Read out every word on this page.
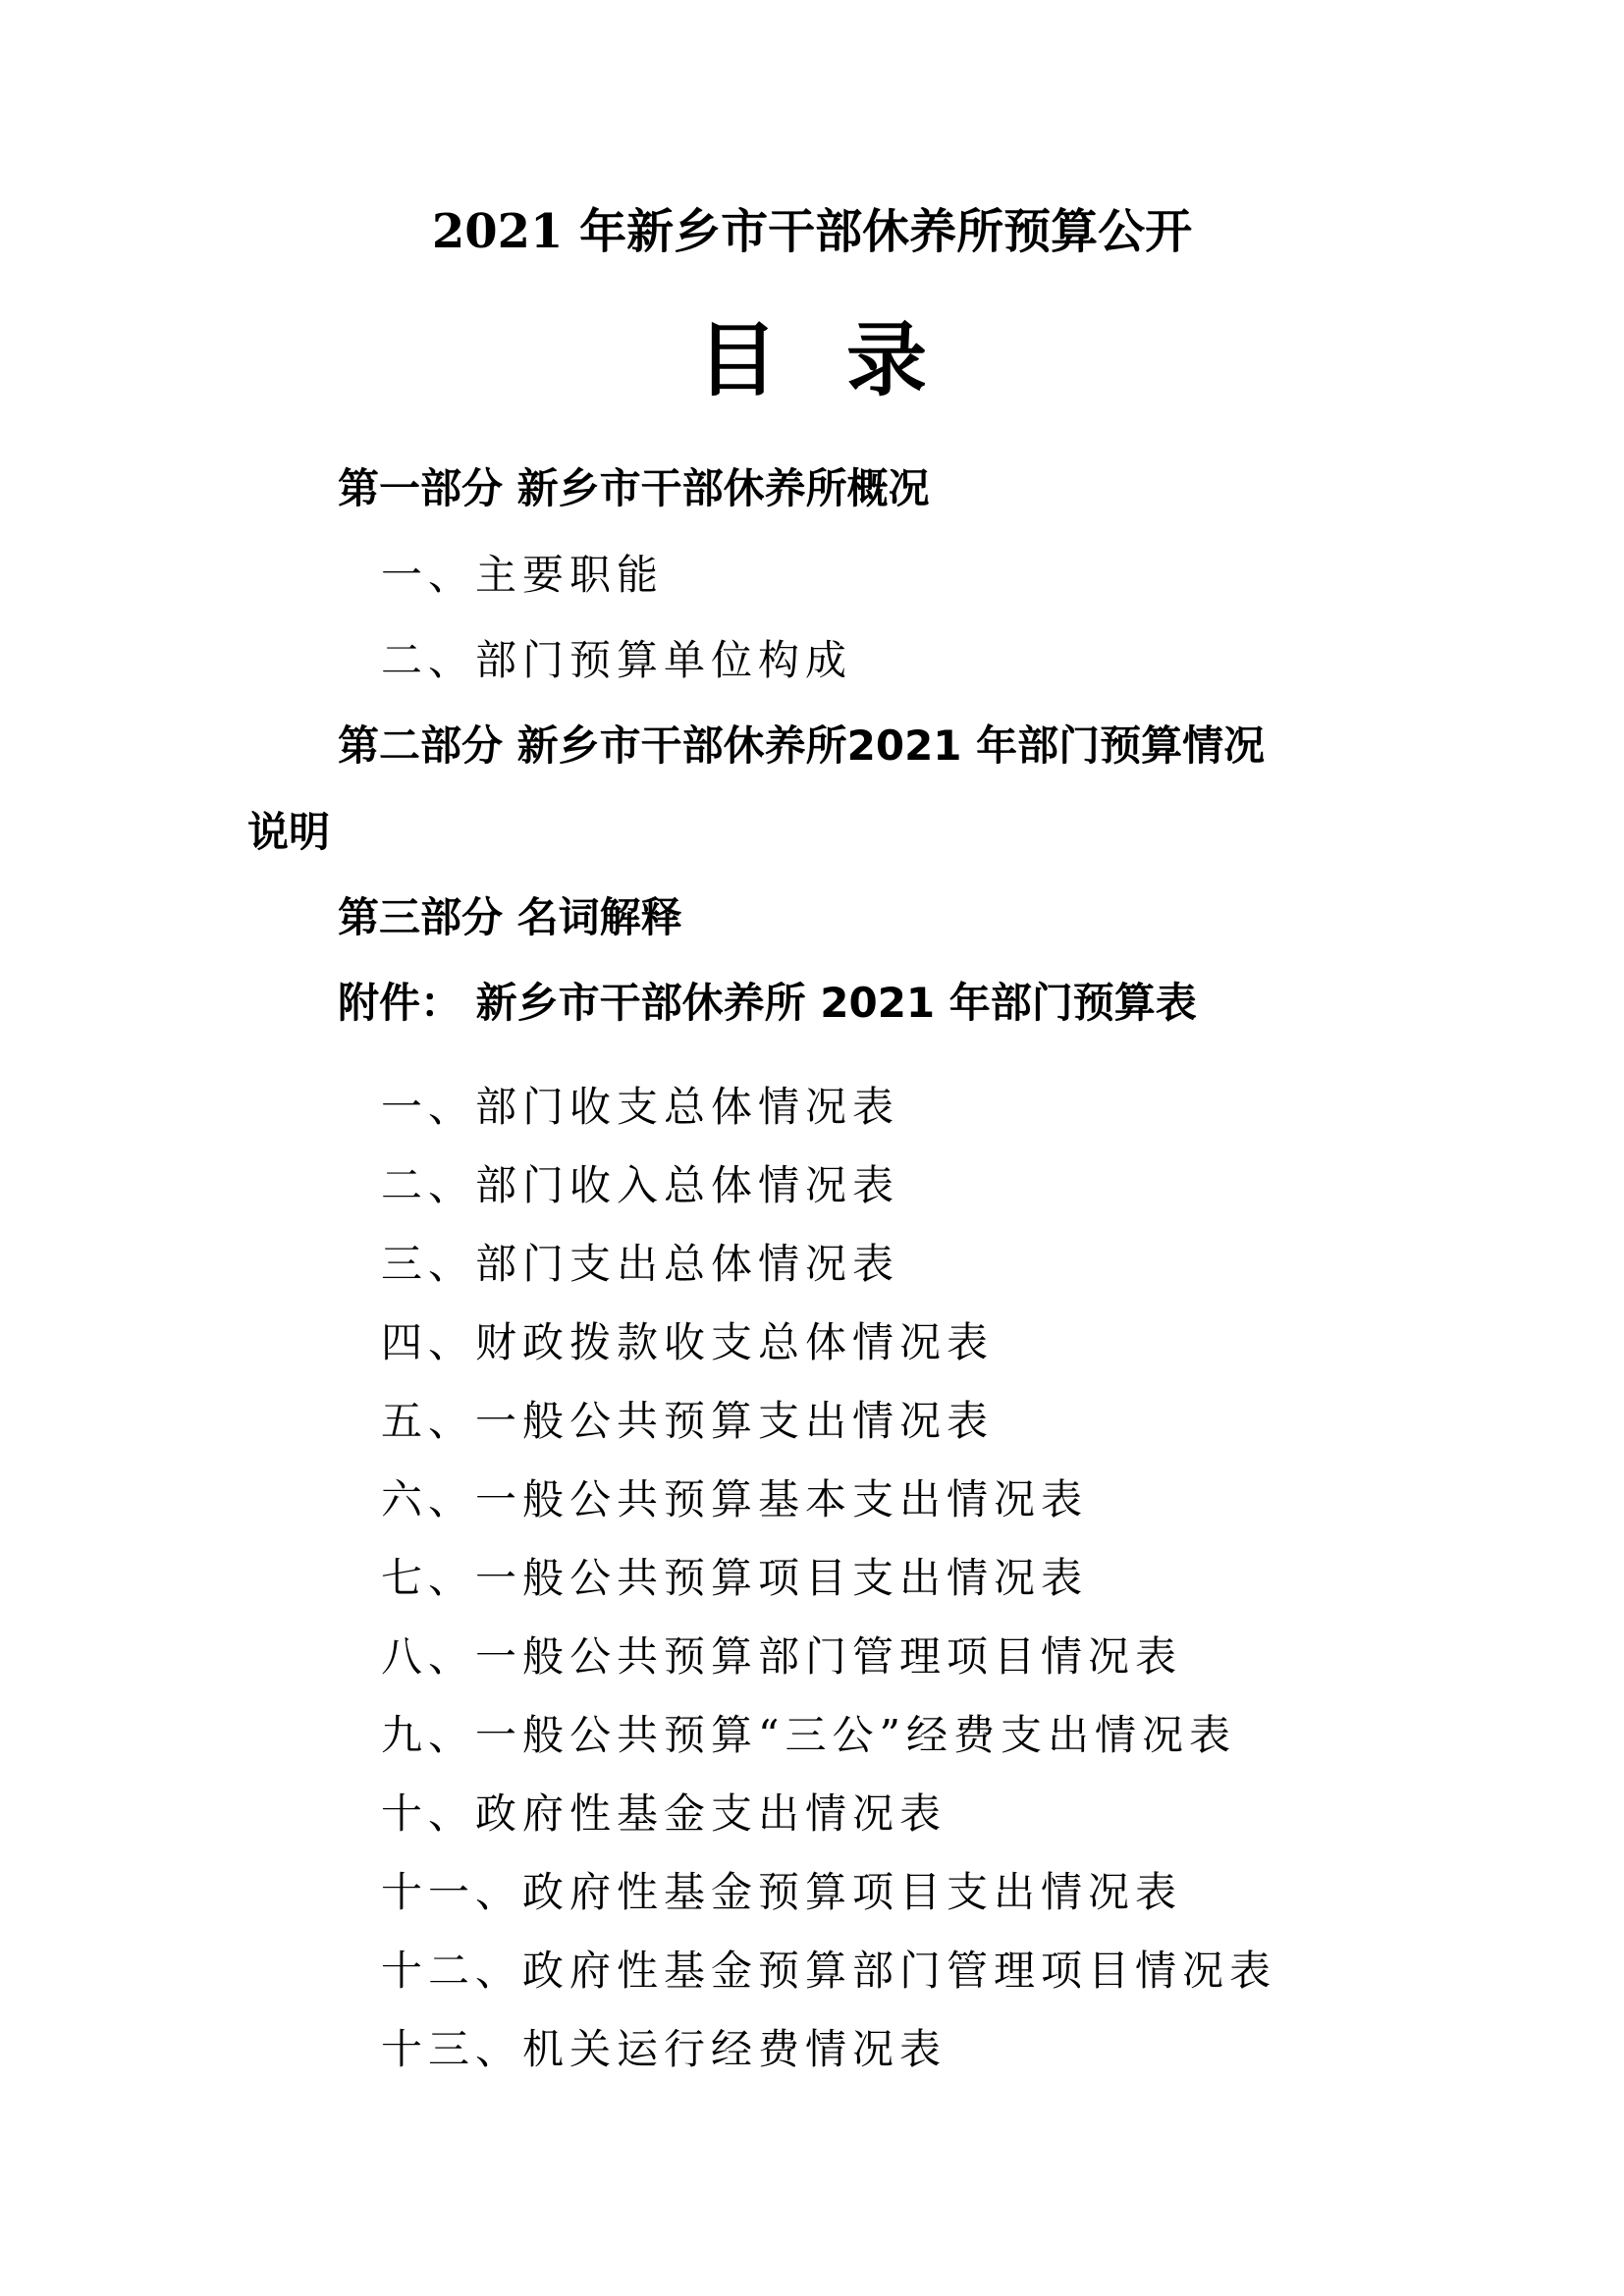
2021 年新乡市干部休养所预算公开
目 录
第一部分 新乡市干部休养所概况
一、主要职能
二、部门预算单位构成
第二部分 新乡市干部休养所2021 年部门预算情况
说明
第三部分 名词解释
附件： 新乡市干部休养所 2021 年部门预算表
一、部门收支总体情况表
二、部门收入总体情况表
三、部门支出总体情况表
四、财政拨款收支总体情况表
五、一般公共预算支出情况表
六、一般公共预算基本支出情况表
七、一般公共预算项目支出情况表
八、一般公共预算部门管理项目情况表
九、一般公共预算“三公”经费支出情况表
十、政府性基金支出情况表
十一、政府性基金预算项目支出情况表
十二、政府性基金预算部门管理项目情况表
十三、机关运行经费情况表
